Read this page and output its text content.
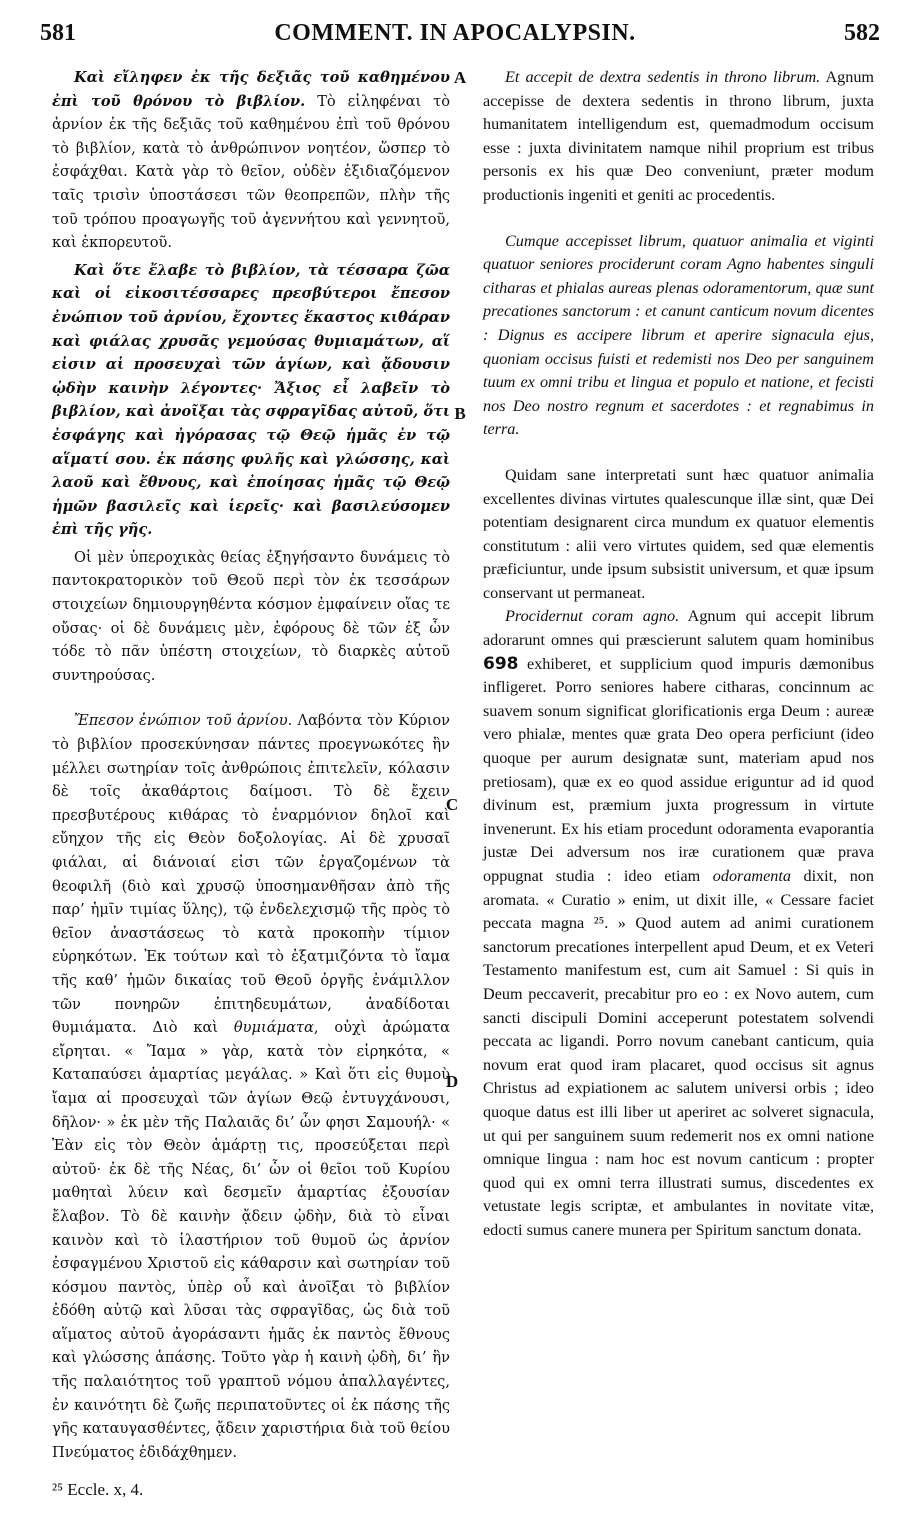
581	COMMENT. IN APOCALYPSIN.	582
A
B
C
D

Καὶ εἴληφεν ἐκ τῆς δεξιᾶς τοῦ καθημένου ἐπὶ τοῦ θρόνου τὸ βιβλίον. Τὸ εἰληφέναι τὸ ἀρνίον ἐκ τῆς δεξιᾶς τοῦ καθημένου ἐπὶ τοῦ θρόνου τὸ βιβλίον, κατὰ τὸ ἀνθρώπινον νοητέον, ὥσπερ τὸ ἐσφάχθαι. Κατὰ γὰρ τὸ θεῖον, οὐδὲν ἐξιδιαζόμενον ταῖς τρισὶν ὑποστάσεσι τῶν θεοπρεπῶν, πλὴν τῆς τοῦ τρόπου προαγωγῆς τοῦ ἀγεννήτου καὶ γεννητοῦ, καὶ ἐκπορευτοῦ.

Καὶ ὅτε ἔλαβε τὸ βιβλίον, τὰ τέσσαρα ζῶα καὶ οἱ εἰκοσιτέσσαρες πρεσβύτεροι ἔπεσον ἐνώπιον τοῦ ἀρνίου, ἔχοντες ἕκαστος κιθάραν καὶ φιάλας χρυσᾶς γεμούσας θυμιαμάτων, αἵ εἰσιν αἱ προσευχαὶ τῶν ἁγίων, καὶ ᾄδουσιν ᾠδὴν καινὴν λέγοντες· Ἄξιος εἶ λαβεῖν τὸ βιβλίον, καὶ ἀνοῖξαι τὰς σφραγῖδας αὐτοῦ, ὅτι ἐσφάγης καὶ ἠγόρασας τῷ Θεῷ ἡμᾶς ἐν τῷ αἵματί σου. ἐκ πάσης φυλῆς καὶ γλώσσης, καὶ λαοῦ καὶ ἔθνους, καὶ ἐποίησας ἡμᾶς τῷ Θεῷ ἡμῶν βασιλεῖς καὶ ἱερεῖς· καὶ βασιλεύσομεν ἐπὶ τῆς γῆς.

Οἱ μὲν ὑπεροχικὰς θείας ἐξηγήσαντο δυνάμεις τὸ παντοκρατορικὸν τοῦ Θεοῦ περὶ τὸν ἐκ τεσσάρων στοιχείων δημιουργηθέντα κόσμον ἐμφαίνειν οἵας τε οὔσας· οἱ δὲ δυνάμεις μὲν, ἐφόρους δὲ τῶν ἐξ ὧν τόδε τὸ πᾶν ὑπέστη στοιχείων, τὸ διαρκὲς αὐτοῦ συντηρούσας.

Ἔπεσον ἐνώπιον τοῦ ἀρνίου. Λαβόντα τὸν Κύριον τὸ βιβλίον προσεκύνησαν πάντες προεγνωκότες ἣν μέλλει σωτηρίαν τοῖς ἀνθρώποις ἐπιτελεῖν, κόλασιν δὲ τοῖς ἀκαθάρτοις δαίμοσι. Τὸ δὲ ἔχειν πρεσβυτέρους κιθάρας τὸ ἐναρμόνιον δηλοῖ καὶ εὔηχον τῆς εἰς Θεὸν δοξολογίας. Αἱ δὲ χρυσαῖ φιάλαι, αἱ διάνοιαί εἰσι τῶν ἐργαζομένων τὰ θεοφιλῆ (διὸ καὶ χρυσῷ ὑποσημανθῆσαν ἀπὸ τῆς παρ’ ἡμῖν τιμίας ὕλης), τῷ ἐνδελεχισμῷ τῆς πρὸς τὸ θεῖον ἀναστάσεως τὸ κατὰ προκοπὴν τίμιον εὑρηκότων. Ἐκ τούτων καὶ τὸ ἐξατμιζόντα τὸ ἴαμα τῆς καθ’ ἡμῶν δικαίας τοῦ Θεοῦ ὀργῆς ἐνάμιλλον τῶν πονηρῶν ἐπιτηδευμάτων, ἀναδίδοται θυμιάματα. Διὸ καὶ θυμιάματα, οὐχὶ ἀρώματα εἴρηται. « Ἴαμα » γὰρ, κατὰ τὸν εἰρηκότα, « Καταπαύσει ἁμαρτίας μεγάλας. » Καὶ ὅτι εἰς θυμοὺ ἴαμα αἱ προσευχαὶ τῶν ἁγίων Θεῷ ἐντυγχάνουσι, δῆλον· » ἐκ μὲν τῆς Παλαιᾶς δι’ ὧν φησι Σαμουήλ· « Ἐὰν εἰς τὸν Θεὸν ἁμάρτῃ τις, προσεύξεται περὶ αὐτοῦ· ἐκ δὲ τῆς Νέας, δι’ ὧν οἱ θεῖοι τοῦ Κυρίου μαθηταὶ λύειν καὶ δεσμεῖν ἁμαρτίας ἐξουσίαν ἔλαβον. Τὸ δὲ καινὴν ᾄδειν ᾠδὴν, διὰ τὸ εἶναι καινὸν καὶ τὸ ἱλαστήριον τοῦ θυμοῦ ὡς ἀρνίον ἐσφαγμένου Χριστοῦ εἰς κάθαρσιν καὶ σωτηρίαν τοῦ κόσμου παντὸς, ὑπὲρ οὗ καὶ ἀνοῖξαι τὸ βιβλίον ἐδόθη αὐτῷ καὶ λῦσαι τὰς σφραγῖδας, ὡς διὰ τοῦ αἵματος αὐτοῦ ἀγοράσαντι ἡμᾶς ἐκ παντὸς ἔθνους καὶ γλώσσης ἁπάσης. Τοῦτο γὰρ ἡ καινὴ ᾠδὴ, δι’ ἣν τῆς παλαιότητος τοῦ γραπτοῦ νόμου ἀπαλλαγέντες, ἐν καινότητι δὲ ζωῆς περιπατοῦντες οἱ ἐκ πάσης τῆς γῆς καταυγασθέντες, ᾄδειν χαριστήρια διὰ τοῦ θείου Πνεύματος ἐδιδάχθημεν.

Et accepit de dextra sedentis in throno librum. Agnum accepisse de dextera sedentis in throno librum, juxta humanitatem intelligendum est, quemadmodum occisum esse : juxta divinitatem namque nihil proprium est tribus personis ex his quæ Deo conveniunt, præter modum productionis ingeniti et geniti ac procedentis.

Cumque accepisset librum, quatuor animalia et viginti quatuor seniores prociderunt coram Agno habentes singuli citharas et phialas aureas plenas odoramentorum, quæ sunt precationes sanctorum : et canunt canticum novum dicentes : Dignus es accipere librum et aperire signacula ejus, quoniam occisus fuisti et redemisti nos Deo per sanguinem tuum ex omni tribu et lingua et populo et natione, et fecisti nos Deo nostro regnum et sacerdotes : et regnabimus in terra.

Quidam sane interpretati sunt hæc quatuor animalia excellentes divinas virtutes qualescunque illæ sint, quæ Dei potentiam designarent circa mundum ex quatuor elementis constitutum : alii vero virtutes quidem, sed quæ elementis præficiuntur, unde ipsum subsistit universum, et quæ ipsum conservant ut permaneat.

Procidernut coram agno. Agnum qui accepit librum adorarunt omnes qui præscierunt salutem quam hominibus 698 exhiberet, et supplicium quod impuris dæmonibus infligeret. Porro seniores habere citharas, concinnum ac suavem sonum significat glorificationis erga Deum : aureæ vero phialæ, mentes quæ grata Deo opera perficiunt (ideo quoque per aurum designatæ sunt, materiam apud nos pretiosam), quæ ex eo quod assidue eriguntur ad id quod divinum est, præmium juxta progressum in virtute invenerunt. Ex his etiam procedunt odoramenta evaporantia justæ Dei adversum nos iræ curationem quæ prava oppugnat studia : ideo etiam odoramenta dixit, non aromata. « Curatio » enim, ut dixit ille, « Cessare faciet peccata magna ²⁵. » Quod autem ad animi curationem sanctorum precationes interpellent apud Deum, et ex Veteri Testamento manifestum est, cum ait Samuel : Si quis in Deum peccaverit, precabitur pro eo : ex Novo autem, cum sancti discipuli Domini acceperunt potestatem solvendi peccata ac ligandi. Porro novum canebant canticum, quia novum erat quod iram placaret, quod occisus sit agnus Christus ad expiationem ac salutem universi orbis ; ideo quoque datus est illi liber ut aperiret ac solveret signacula, ut qui per sanguinem suum redemerit nos ex omni natione omnique lingua : nam hoc est novum canticum : propter quod qui ex omni terra illustrati sumus, discedentes ex vetustate legis scriptæ, et ambulantes in novitate vitæ, edocti sumus canere munera per Spiritum sanctum donata.

²⁵ Eccle. x, 4.
